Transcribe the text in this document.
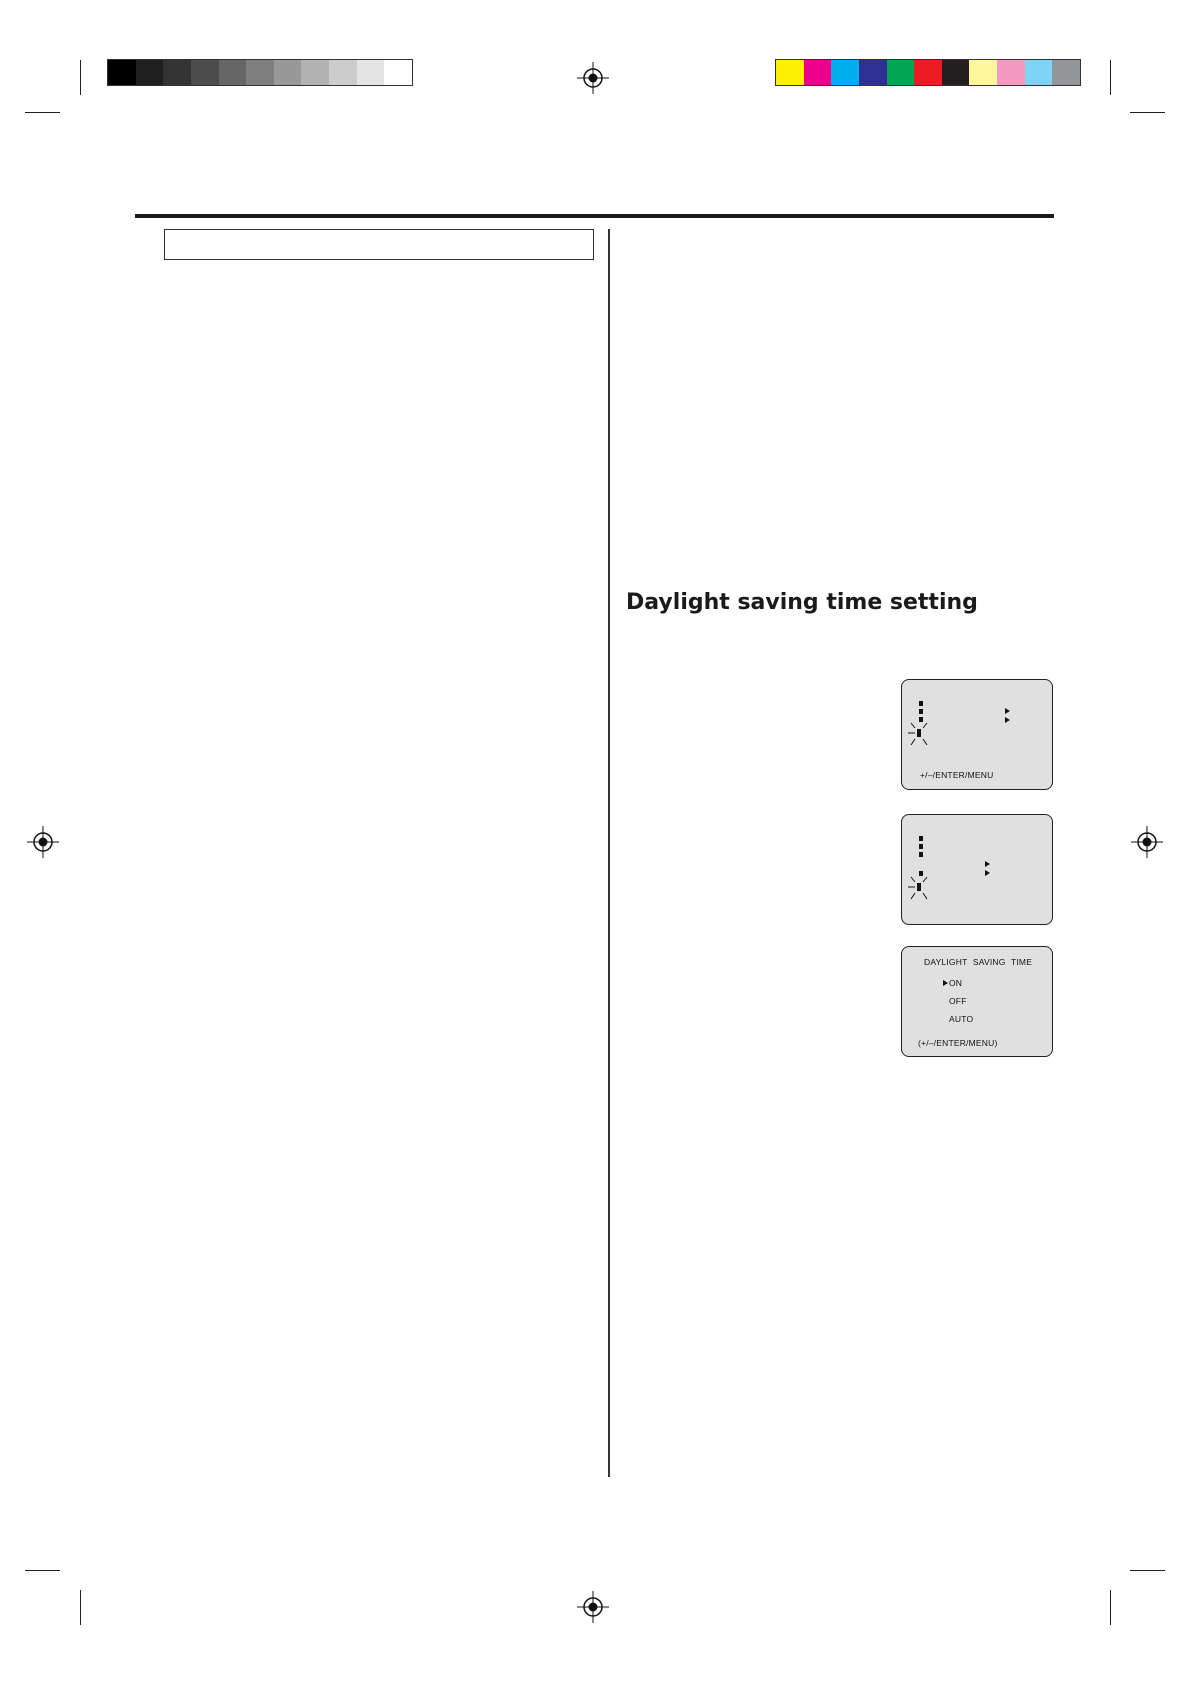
Daylight saving time setting
+/–/ENTER/MENU
DAYLIGHT SAVING TIME
ON
OFF
AUTO
(+/–/ENTER/MENU)
